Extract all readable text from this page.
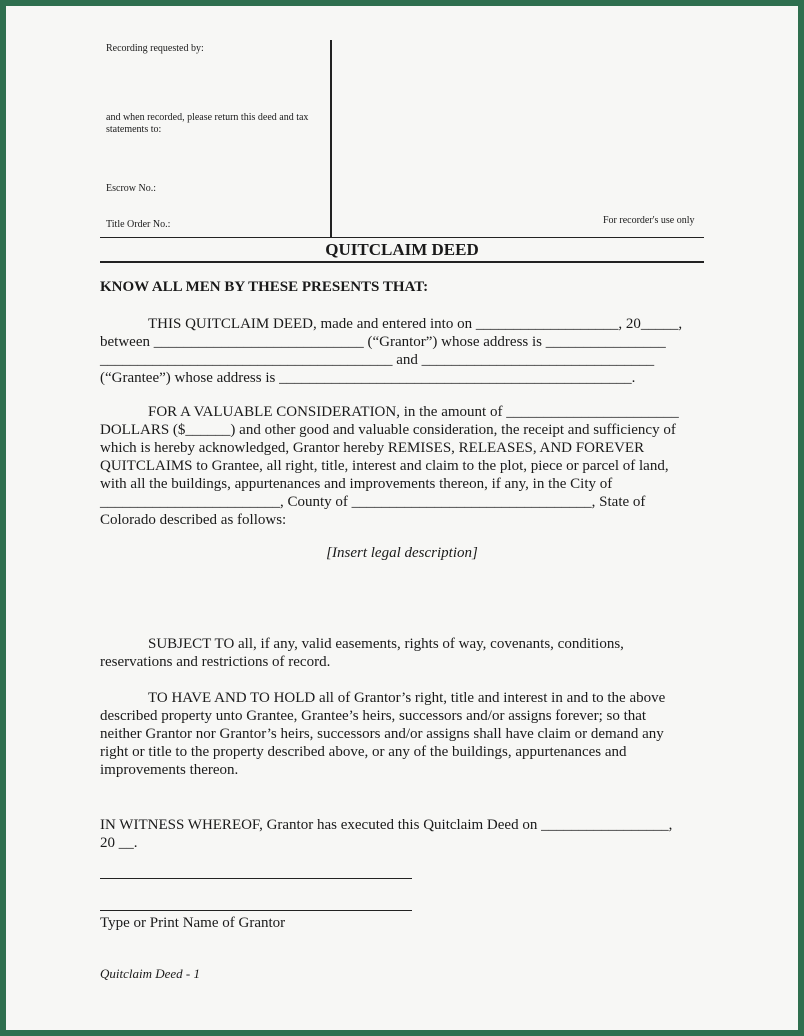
Recording requested by:
and when recorded, please return this deed and tax
statements to:
Escrow No.:
Title Order No.:	For recorder's use only
QUITCLAIM DEED
KNOW ALL MEN BY THESE PRESENTS THAT:
THIS QUITCLAIM DEED, made and entered into on ___________________, 20_____,
between ____________________________ (“Grantor”) whose address is ________________
_______________________________________ and _______________________________
(“Grantee”) whose address is _______________________________________________.
FOR A VALUABLE CONSIDERATION, in the amount of _______________________
DOLLARS ($______) and other good and valuable consideration, the receipt and sufficiency of
which is hereby acknowledged, Grantor hereby REMISES, RELEASES, AND FOREVER
QUITCLAIMS to Grantee, all right, title, interest and claim to the plot, piece or parcel of land,
with all the buildings, appurtenances and improvements thereon, if any, in the City of
________________________, County of ________________________________, State of
Colorado described as follows:
[Insert legal description]
SUBJECT TO all, if any, valid easements, rights of way, covenants, conditions,
reservations and restrictions of record.
TO HAVE AND TO HOLD all of Grantor’s right, title and interest in and to the above
described property unto Grantee, Grantee’s heirs, successors and/or assigns forever; so that
neither Grantor nor Grantor’s heirs, successors and/or assigns shall have claim or demand any
right or title to the property described above, or any of the buildings, appurtenances and
improvements thereon.
IN WITNESS WHEREOF, Grantor has executed this Quitclaim Deed on _________________,
20 __.
Type or Print Name of Grantor
Quitclaim Deed - 1
